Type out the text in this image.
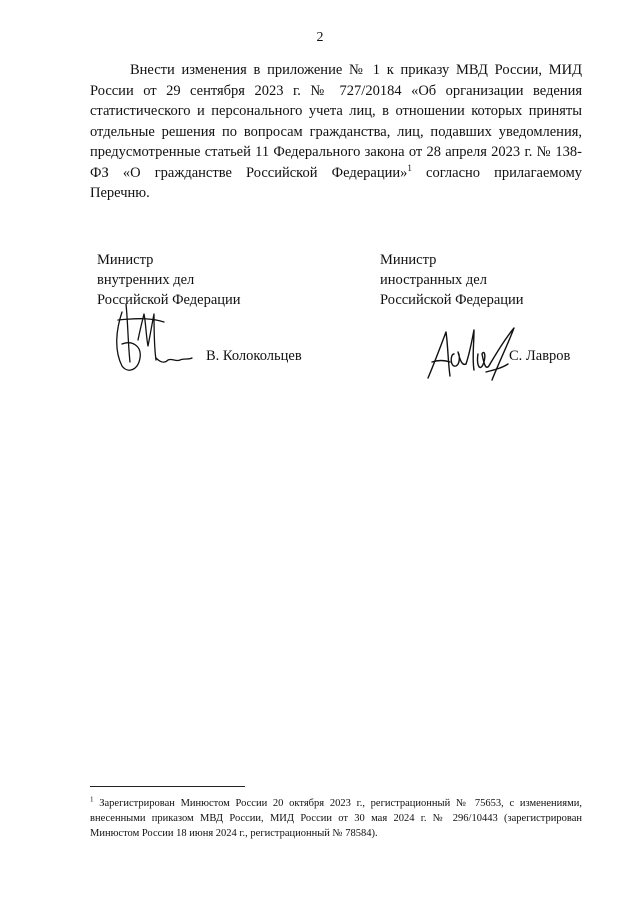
2

Внести изменения в приложение № 1 к приказу МВД России, МИД России от 29 сентября 2023 г. № 727/20184 «Об организации ведения статистического и персонального учета лиц, в отношении которых приняты отдельные решения по вопросам гражданства, лиц, подавших уведомления, предусмотренные статьей 11 Федерального закона от 28 апреля 2023 г. № 138-ФЗ «О гражданстве Российской Федерации»$^1$ согласно прилагаемому Перечню.

Министр
внутренних дел
Российской Федерации
Министр
иностранных дел
Российской Федерации
В. Колокольцев	С. Лавров
$^1$ Зарегистрирован Минюстом России 20 октября 2023 г., регистрационный № 75653, с изменениями, внесенными приказом МВД России, МИД России от 30 мая 2024 г. № 296/10443 (зарегистрирован Минюстом России 18 июня 2024 г., регистрационный № 78584).
